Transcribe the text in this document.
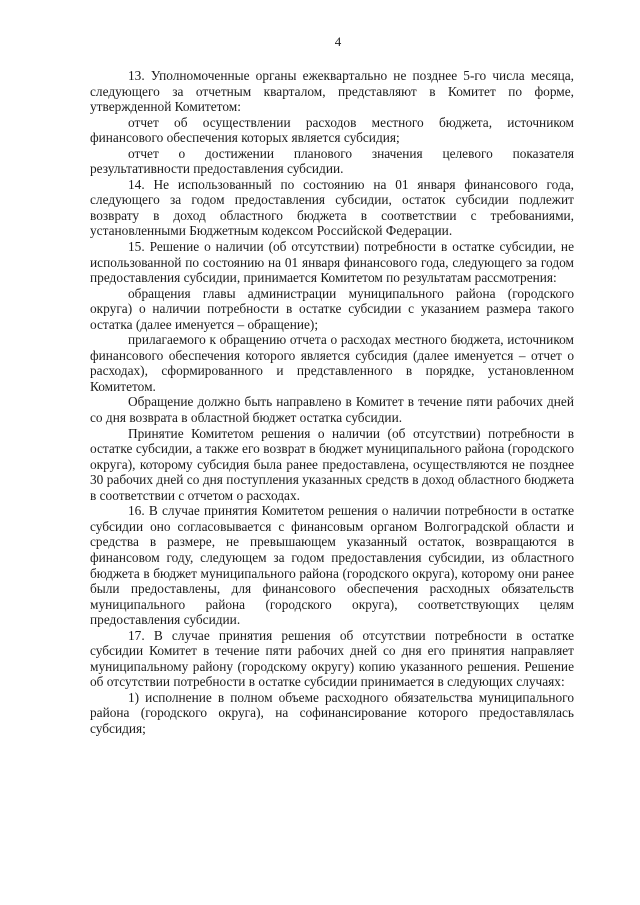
4

13. Уполномоченные органы ежеквартально не позднее 5-го числа месяца, следующего за отчетным кварталом, представляют в Комитет по форме, утвержденной Комитетом:

отчет об осуществлении расходов местного бюджета, источником финансового обеспечения которых является субсидия;

отчет о достижении планового значения целевого показателя результативности предоставления субсидии.

14. Не использованный по состоянию на 01 января финансового года, следующего за годом предоставления субсидии, остаток субсидии подлежит возврату в доход областного бюджета в соответствии с требованиями, установленными Бюджетным кодексом Российской Федерации.

15. Решение о наличии (об отсутствии) потребности в остатке субсидии, не использованной по состоянию на 01 января финансового года, следующего за годом предоставления субсидии, принимается Комитетом по результатам рассмотрения:

обращения главы администрации муниципального района (городского округа) о наличии потребности в остатке субсидии с указанием размера такого остатка (далее именуется – обращение);

прилагаемого к обращению отчета о расходах местного бюджета, источником финансового обеспечения которого является субсидия (далее именуется – отчет о расходах), сформированного и представленного в порядке, установленном Комитетом.

Обращение должно быть направлено в Комитет в течение пяти рабочих дней со дня возврата в областной бюджет остатка субсидии.

Принятие Комитетом решения о наличии (об отсутствии) потребности в остатке субсидии, а также его возврат в бюджет муниципального района (городского округа), которому субсидия была ранее предоставлена, осуществляются не позднее 30 рабочих дней со дня поступления указанных средств в доход областного бюджета в соответствии с отчетом о расходах.

16. В случае принятия Комитетом решения о наличии потребности в остатке субсидии оно согласовывается с финансовым органом Волгоградской области и средства в размере, не превышающем указанный остаток, возвращаются в финансовом году, следующем за годом предоставления субсидии, из областного бюджета в бюджет муниципального района (городского округа), которому они ранее были предоставлены, для финансового обеспечения расходных обязательств муниципального района (городского округа), соответствующих целям предоставления субсидии.

17. В случае принятия решения об отсутствии потребности в остатке субсидии Комитет в течение пяти рабочих дней со дня его принятия направляет муниципальному району (городскому округу) копию указанного решения. Решение об отсутствии потребности в остатке субсидии принимается в следующих случаях:

1) исполнение в полном объеме расходного обязательства муниципального района (городского округа), на софинансирование которого предоставлялась субсидия;
